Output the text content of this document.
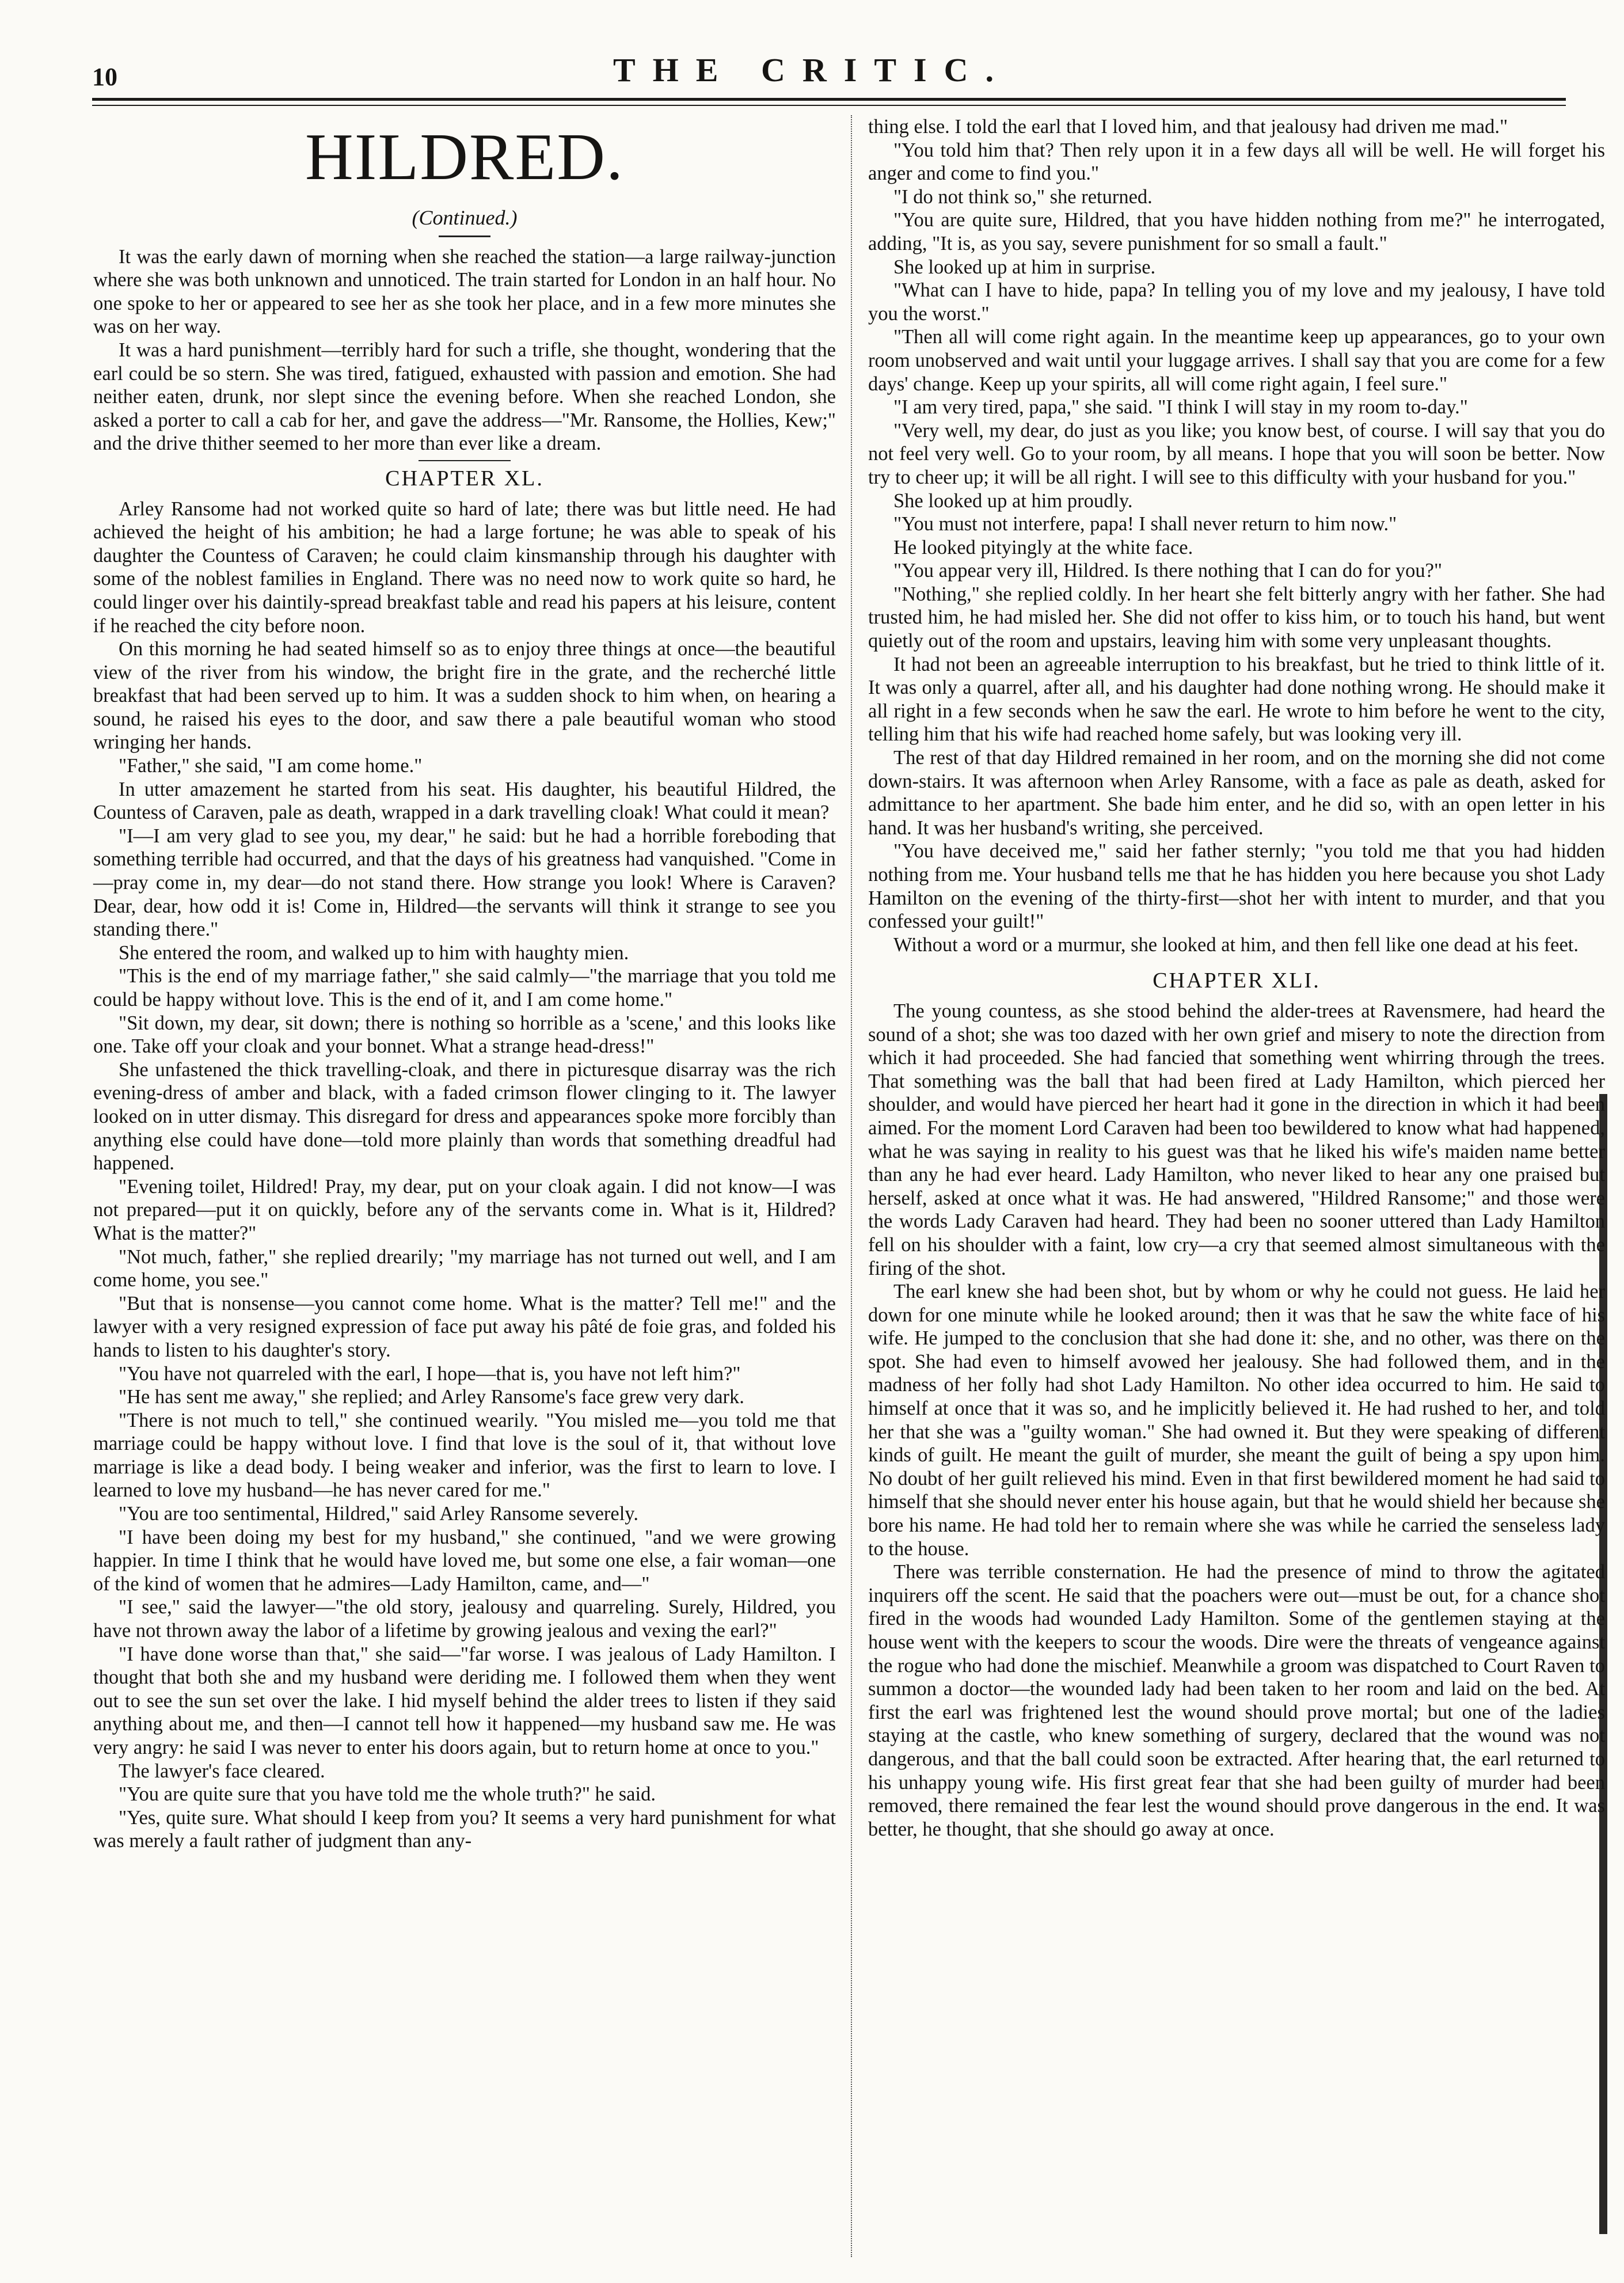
10	THE CRITIC.
HILDRED.
(Continued.)

It was the early dawn of morning when she reached the station—a large railway-junction where she was both unknown and unnoticed. The train started for London in an half hour. No one spoke to her or appeared to see her as she took her place, and in a few more minutes she was on her way.

It was a hard punishment—terribly hard for such a trifle, she thought, wondering that the earl could be so stern. She was tired, fatigued, exhausted with passion and emotion. She had neither eaten, drunk, nor slept since the evening before. When she reached London, she asked a porter to call a cab for her, and gave the address—"Mr. Ransome, the Hollies, Kew;" and the drive thither seemed to her more than ever like a dream.

CHAPTER XL.

Arley Ransome had not worked quite so hard of late; there was but little need. He had achieved the height of his ambition; he had a large fortune; he was able to speak of his daughter the Countess of Caraven; he could claim kinsmanship through his daughter with some of the noblest families in England. There was no need now to work quite so hard, he could linger over his daintily-spread breakfast table and read his papers at his leisure, content if he reached the city before noon.

On this morning he had seated himself so as to enjoy three things at once—the beautiful view of the river from his window, the bright fire in the grate, and the recherché little breakfast that had been served up to him. It was a sudden shock to him when, on hearing a sound, he raised his eyes to the door, and saw there a pale beautiful woman who stood wringing her hands.

"Father," she said, "I am come home."

In utter amazement he started from his seat. His daughter, his beautiful Hildred, the Countess of Caraven, pale as death, wrapped in a dark travelling cloak! What could it mean?

"I—I am very glad to see you, my dear," he said: but he had a horrible foreboding that something terrible had occurred, and that the days of his greatness had vanquished. "Come in—pray come in, my dear—do not stand there. How strange you look! Where is Caraven? Dear, dear, how odd it is! Come in, Hildred—the servants will think it strange to see you standing there."

She entered the room, and walked up to him with haughty mien.

"This is the end of my marriage father," she said calmly—"the marriage that you told me could be happy without love. This is the end of it, and I am come home."

"Sit down, my dear, sit down; there is nothing so horrible as a 'scene,' and this looks like one. Take off your cloak and your bonnet. What a strange head-dress!"

She unfastened the thick travelling-cloak, and there in picturesque disarray was the rich evening-dress of amber and black, with a faded crimson flower clinging to it. The lawyer looked on in utter dismay. This disregard for dress and appearances spoke more forcibly than anything else could have done—told more plainly than words that something dreadful had happened.

"Evening toilet, Hildred! Pray, my dear, put on your cloak again. I did not know—I was not prepared—put it on quickly, before any of the servants come in. What is it, Hildred? What is the matter?"

"Not much, father," she replied drearily; "my marriage has not turned out well, and I am come home, you see."

"But that is nonsense—you cannot come home. What is the matter? Tell me!" and the lawyer with a very resigned expression of face put away his pâté de foie gras, and folded his hands to listen to his daughter's story.

"You have not quarreled with the earl, I hope—that is, you have not left him?"

"He has sent me away," she replied; and Arley Ransome's face grew very dark.

"There is not much to tell," she continued wearily. "You misled me—you told me that marriage could be happy without love. I find that love is the soul of it, that without love marriage is like a dead body. I being weaker and inferior, was the first to learn to love. I learned to love my husband—he has never cared for me."

"You are too sentimental, Hildred," said Arley Ransome severely.

"I have been doing my best for my husband," she continued, "and we were growing happier. In time I think that he would have loved me, but some one else, a fair woman—one of the kind of women that he admires—Lady Hamilton, came, and—"

"I see," said the lawyer—"the old story, jealousy and quarreling. Surely, Hildred, you have not thrown away the labor of a lifetime by growing jealous and vexing the earl?"

"I have done worse than that," she said—"far worse. I was jealous of Lady Hamilton. I thought that both she and my husband were deriding me. I followed them when they went out to see the sun set over the lake. I hid myself behind the alder trees to listen if they said anything about me, and then—I cannot tell how it happened—my husband saw me. He was very angry: he said I was never to enter his doors again, but to return home at once to you."

The lawyer's face cleared.

"You are quite sure that you have told me the whole truth?" he said.

"Yes, quite sure. What should I keep from you? It seems a very hard punishment for what was merely a fault rather of judgment than any-

thing else. I told the earl that I loved him, and that jealousy had driven me mad."

"You told him that? Then rely upon it in a few days all will be well. He will forget his anger and come to find you."

"I do not think so," she returned.

"You are quite sure, Hildred, that you have hidden nothing from me?" he interrogated, adding, "It is, as you say, severe punishment for so small a fault."

She looked up at him in surprise.

"What can I have to hide, papa? In telling you of my love and my jealousy, I have told you the worst."

"Then all will come right again. In the meantime keep up appearances, go to your own room unobserved and wait until your luggage arrives. I shall say that you are come for a few days' change. Keep up your spirits, all will come right again, I feel sure."

"I am very tired, papa," she said. "I think I will stay in my room to-day."

"Very well, my dear, do just as you like; you know best, of course. I will say that you do not feel very well. Go to your room, by all means. I hope that you will soon be better. Now try to cheer up; it will be all right. I will see to this difficulty with your husband for you."

She looked up at him proudly.

"You must not interfere, papa! I shall never return to him now."

He looked pityingly at the white face.

"You appear very ill, Hildred. Is there nothing that I can do for you?"

"Nothing," she replied coldly. In her heart she felt bitterly angry with her father. She had trusted him, he had misled her. She did not offer to kiss him, or to touch his hand, but went quietly out of the room and upstairs, leaving him with some very unpleasant thoughts.

It had not been an agreeable interruption to his breakfast, but he tried to think little of it. It was only a quarrel, after all, and his daughter had done nothing wrong. He should make it all right in a few seconds when he saw the earl. He wrote to him before he went to the city, telling him that his wife had reached home safely, but was looking very ill.

The rest of that day Hildred remained in her room, and on the morning she did not come down-stairs. It was afternoon when Arley Ransome, with a face as pale as death, asked for admittance to her apartment. She bade him enter, and he did so, with an open letter in his hand. It was her husband's writing, she perceived.

"You have deceived me," said her father sternly; "you told me that you had hidden nothing from me. Your husband tells me that he has hidden you here because you shot Lady Hamilton on the evening of the thirty-first—shot her with intent to murder, and that you confessed your guilt!"

Without a word or a murmur, she looked at him, and then fell like one dead at his feet.

CHAPTER XLI.

The young countess, as she stood behind the alder-trees at Ravensmere, had heard the sound of a shot; she was too dazed with her own grief and misery to note the direction from which it had proceeded. She had fancied that something went whirring through the trees. That something was the ball that had been fired at Lady Hamilton, which pierced her shoulder, and would have pierced her heart had it gone in the direction in which it had been aimed. For the moment Lord Caraven had been too bewildered to know what had happened, what he was saying in reality to his guest was that he liked his wife's maiden name better than any he had ever heard. Lady Hamilton, who never liked to hear any one praised but herself, asked at once what it was. He had answered, "Hildred Ransome;" and those were the words Lady Caraven had heard. They had been no sooner uttered than Lady Hamilton fell on his shoulder with a faint, low cry—a cry that seemed almost simultaneous with the firing of the shot.

The earl knew she had been shot, but by whom or why he could not guess. He laid her down for one minute while he looked around; then it was that he saw the white face of his wife. He jumped to the conclusion that she had done it: she, and no other, was there on the spot. She had even to himself avowed her jealousy. She had followed them, and in the madness of her folly had shot Lady Hamilton. No other idea occurred to him. He said to himself at once that it was so, and he implicitly believed it. He had rushed to her, and told her that she was a "guilty woman." She had owned it. But they were speaking of different kinds of guilt. He meant the guilt of murder, she meant the guilt of being a spy upon him. No doubt of her guilt relieved his mind. Even in that first bewildered moment he had said to himself that she should never enter his house again, but that he would shield her because she bore his name. He had told her to remain where she was while he carried the senseless lady to the house.

There was terrible consternation. He had the presence of mind to throw the agitated inquirers off the scent. He said that the poachers were out—must be out, for a chance shot fired in the woods had wounded Lady Hamilton. Some of the gentlemen staying at the house went with the keepers to scour the woods. Dire were the threats of vengeance against the rogue who had done the mischief. Meanwhile a groom was dispatched to Court Raven to summon a doctor—the wounded lady had been taken to her room and laid on the bed. At first the earl was frightened lest the wound should prove mortal; but one of the ladies staying at the castle, who knew something of surgery, declared that the wound was not dangerous, and that the ball could soon be extracted. After hearing that, the earl returned to his unhappy young wife. His first great fear that she had been guilty of murder had been removed, there remained the fear lest the wound should prove dangerous in the end. It was better, he thought, that she should go away at once.
